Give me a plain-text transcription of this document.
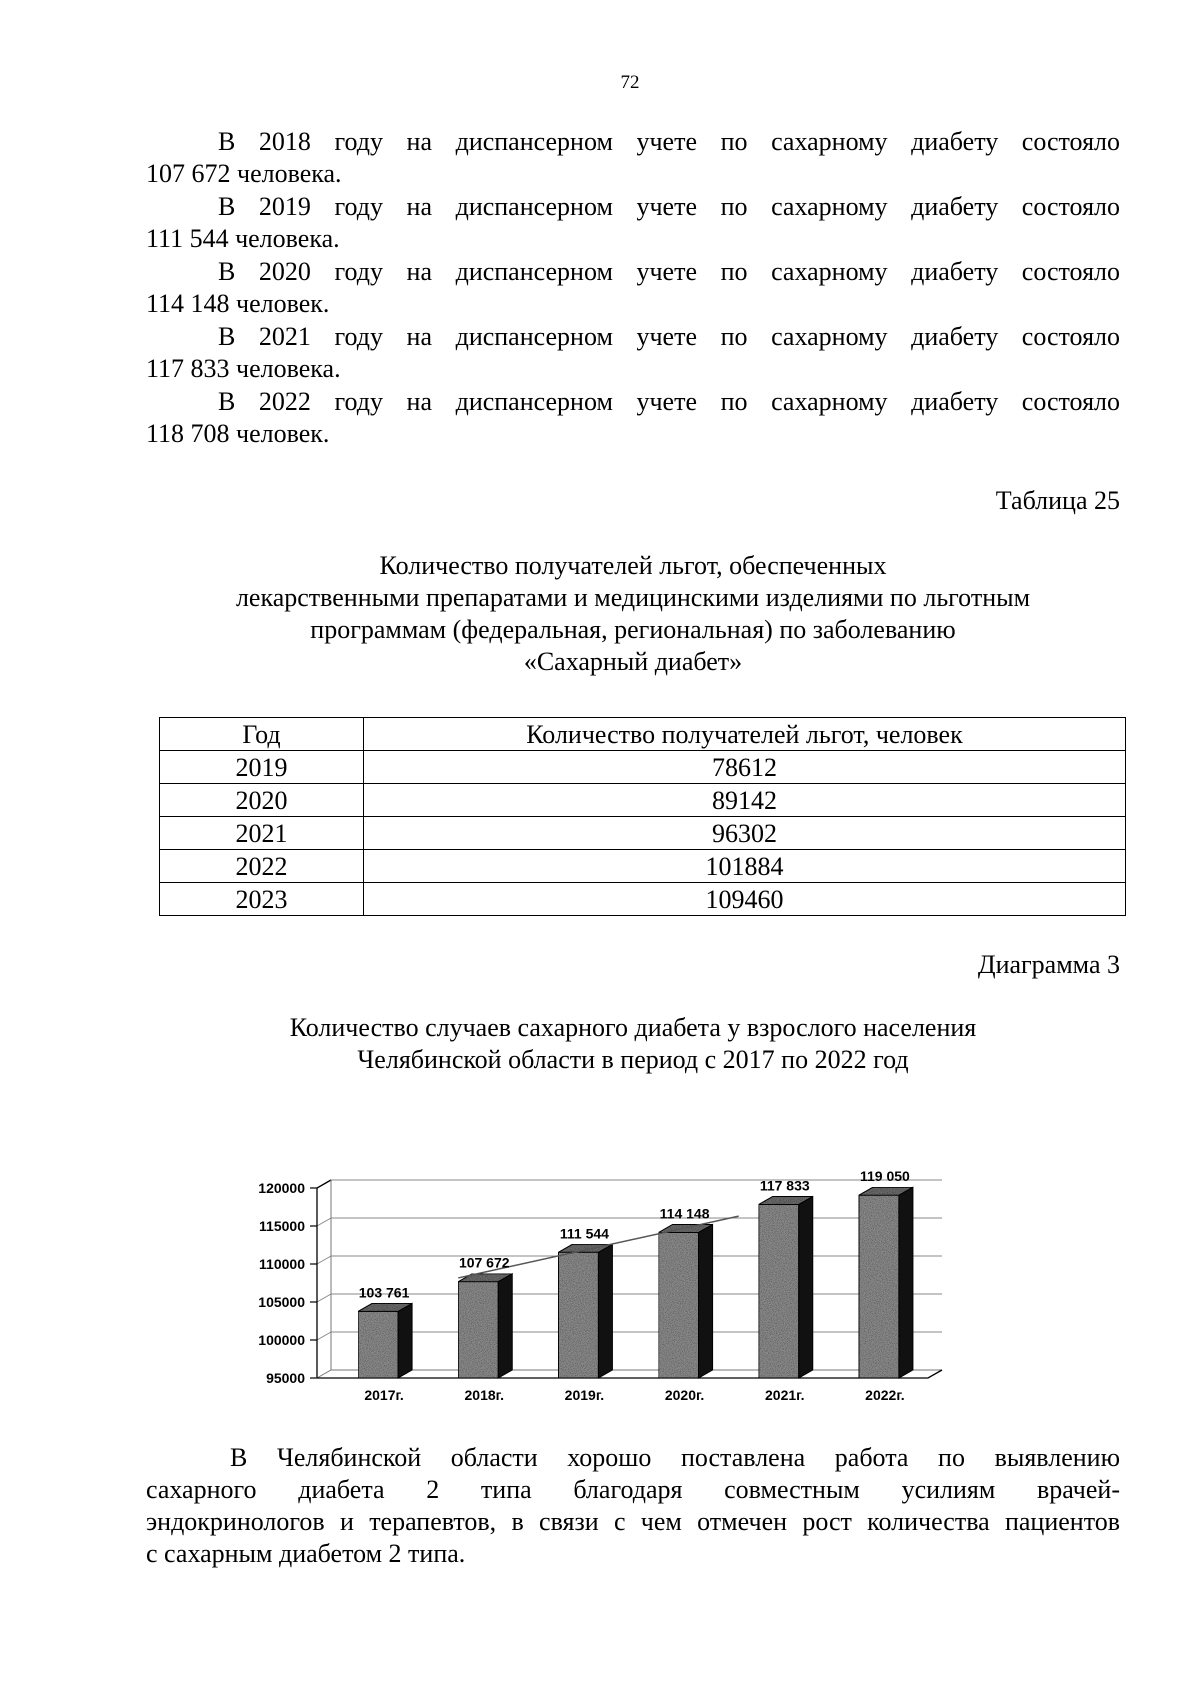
72
В 2018 году на диспансерном учете по сахарному диабету состояло
107 672 человека.
В 2019 году на диспансерном учете по сахарному диабету состояло
111 544 человека.
В 2020 году на диспансерном учете по сахарному диабету состояло
114 148 человек.
В 2021 году на диспансерном учете по сахарному диабету состояло
117 833 человека.
В 2022 году на диспансерном учете по сахарному диабету состояло
118 708 человек.
Таблица 25
Количество получателей льгот, обеспеченных
лекарственными препаратами и медицинскими изделиями по льготным
программам (федеральная, региональная) по заболеванию
«Сахарный диабет»
Год	Количество получателей льгот, человек
2019	78612
2020	89142
2021	96302
2022	101884
2023	109460
Диаграмма 3
Количество случаев сахарного диабета у взрослого населения
Челябинской области в период с 2017 по 2022 год
95000
100000
105000
110000
115000
120000
103 761
2017г.
107 672
2018г.
111 544
2019г.
114 148
2020г.
117 833
2021г.
119 050
2022г.
В Челябинской области хорошо поставлена работа по выявлению
сахарного диабета 2 типа благодаря совместным усилиям врачей-
эндокринологов и терапевтов, в связи с чем отмечен рост количества пациентов
с сахарным диабетом 2 типа.
